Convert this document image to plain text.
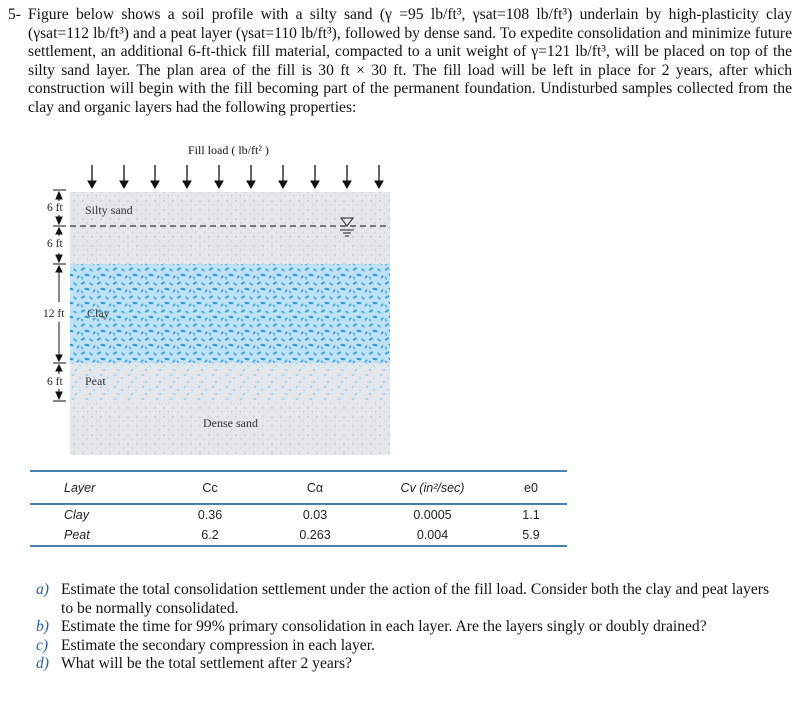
5- Figure below shows a soil profile with a silty sand (γ =95 lb/ft³, γsat=108 lb/ft³) underlain by high-plasticity clay (γsat=112 lb/ft³) and a peat layer (γsat=110 lb/ft³), followed by dense sand. To expedite consolidation and minimize future settlement, an additional 6-ft-thick fill material, compacted to a unit weight of γ=121 lb/ft³, will be placed on top of the silty sand layer. The plan area of the fill is 30 ft × 30 ft. The fill load will be left in place for 2 years, after which construction will begin with the fill becoming part of the permanent foundation. Undisturbed samples collected from the clay and organic layers had the following properties:
Fill load ( lb/ft² )
6 ft
6 ft
12 ft
6 ft
Silty sand
Clay
Peat
Dense sand
Layer	Cc	Cα	Cv (in²/sec)	e0
Clay	0.36	0.03	0.0005	1.1
Peat	6.2	0.263	0.004	5.9
a) Estimate the total consolidation settlement under the action of the fill load. Consider both the clay and peat layers to be normally consolidated.
b) Estimate the time for 99% primary consolidation in each layer. Are the layers singly or doubly drained?
c) Estimate the secondary compression in each layer.
d) What will be the total settlement after 2 years?
